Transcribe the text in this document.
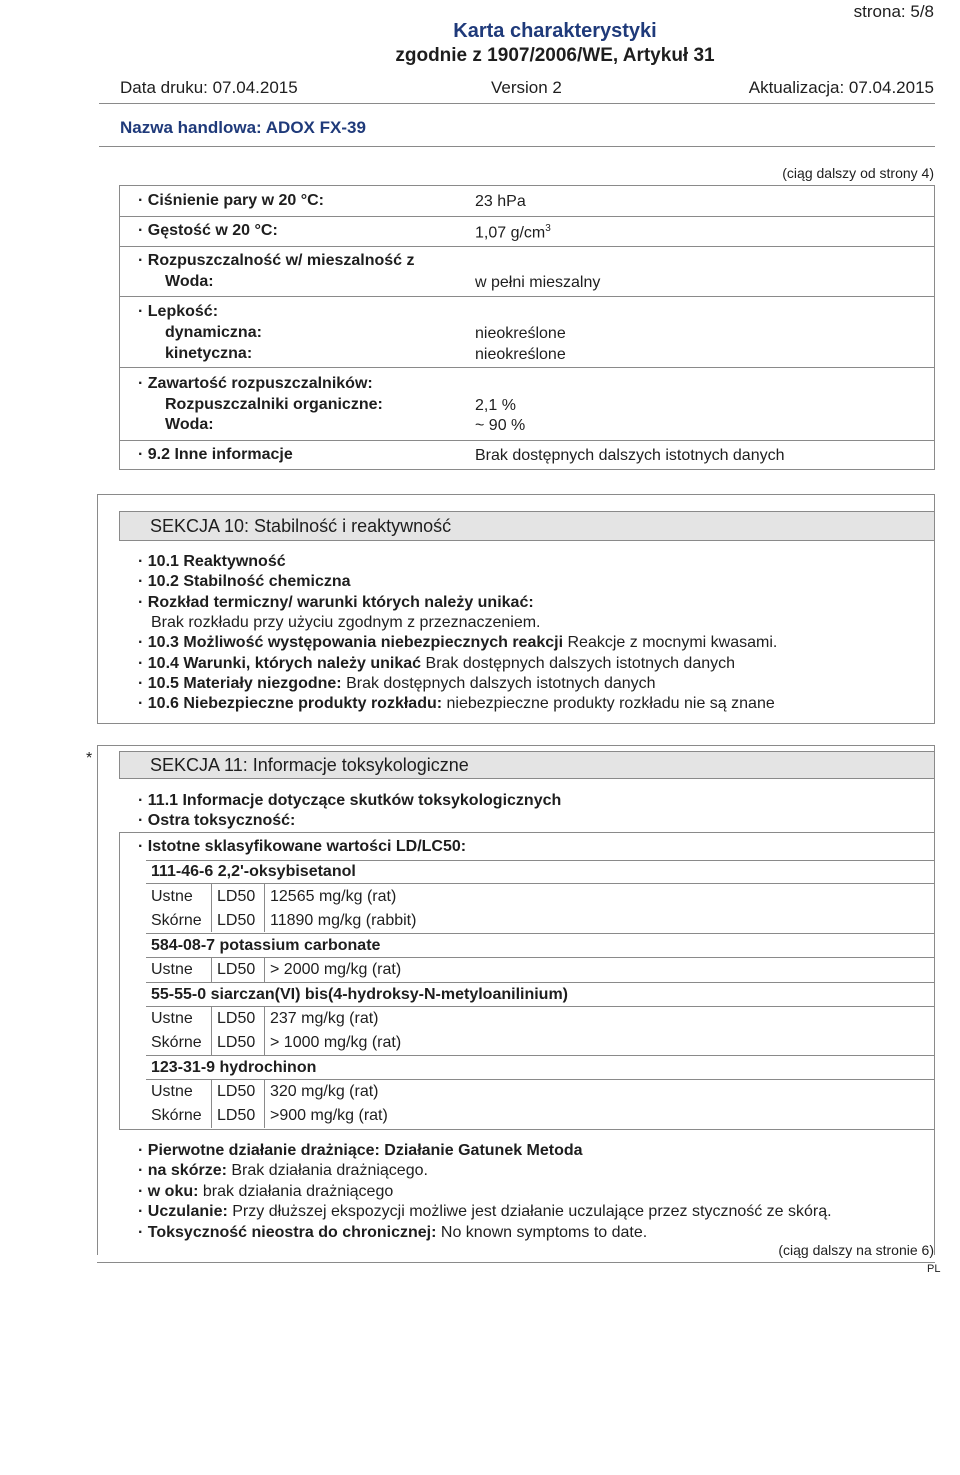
strona: 5/8
Karta charakterystyki
zgodnie z 1907/2006/WE, Artykuł 31
Data druku: 07.04.2015	Version 2	Aktualizacja: 07.04.2015
Nazwa handlowa: ADOX FX-39
(ciąg dalszy od strony 4)
· Ciśnienie pary w 20 °C:	23 hPa
· Gęstość w 20 °C:	1,07 $g/cm^3$
· Rozpuszczalność w/ mieszalność z
Woda:	w pełni mieszalny
· Lepkość:
dynamiczna:	nieokreślone
kinetyczna:	nieokreślone
· Zawartość rozpuszczalników:
Rozpuszczalniki organiczne:	2,1 %
Woda:	~ 90 %
· 9.2 Inne informacje	Brak dostępnych dalszych istotnych danych
SEKCJA 10: Stabilność i reaktywność
· 10.1 Reaktywność
· 10.2 Stabilność chemiczna
· Rozkład termiczny/ warunki których należy unikać:
Brak rozkładu przy użyciu zgodnym z przeznaczeniem.
· 10.3 Możliwość występowania niebezpiecznych reakcji Reakcje z mocnymi kwasami.
· 10.4 Warunki, których należy unikać Brak dostępnych dalszych istotnych danych
· 10.5 Materiały niezgodne: Brak dostępnych dalszych istotnych danych
· 10.6 Niebezpieczne produkty rozkładu: niebezpieczne produkty rozkładu nie są znane
*	SEKCJA 11: Informacje toksykologiczne
· 11.1 Informacje dotyczące skutków toksykologicznych
· Ostra toksyczność:
· Istotne sklasyfikowane wartości LD/LC50:
111-46-6 2,2'-oksybisetanol
Ustne LD50 12565 mg/kg (rat)
Skórne LD50 11890 mg/kg (rabbit)
584-08-7 potassium carbonate
Ustne LD50 > 2000 mg/kg (rat)
55-55-0 siarczan(VI) bis(4-hydroksy-N-metyloanilinium)
Ustne LD50 237 mg/kg (rat)
Skórne LD50 > 1000 mg/kg (rat)
123-31-9 hydrochinon
Ustne LD50 320 mg/kg (rat)
Skórne LD50 >900 mg/kg (rat)
· Pierwotne działanie drażniące: Działanie Gatunek Metoda
· na skórze: Brak działania drażniącego.
· w oku: brak działania drażniącego
· Uczulanie: Przy dłuższej ekspozycji możliwe jest działanie uczulające przez styczność ze skórą.
· Toksyczność nieostra do chronicznej: No known symptoms to date.
(ciąg dalszy na stronie 6)
PL
